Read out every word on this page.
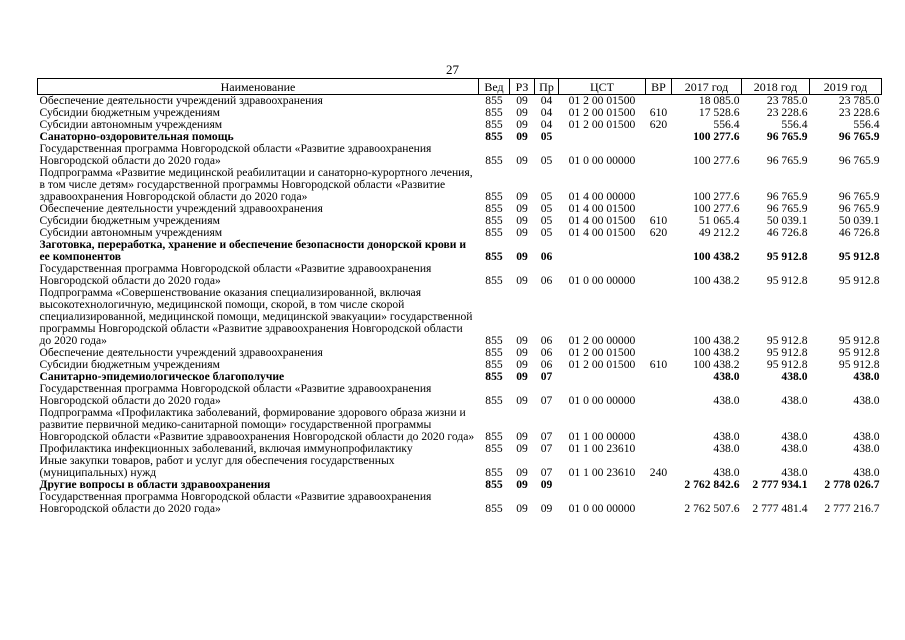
27
Наименование	Вед	РЗ	Пр	ЦСТ	ВР	2017 год	2018 год	2019 год
Обеспечение деятельности учреждений здравоохранения	855	09	04	01 2 00 01500		18 085.0	23 785.0	23 785.0
Субсидии бюджетным учреждениям	855	09	04	01 2 00 01500	610	17 528.6	23 228.6	23 228.6
Субсидии автономным учреждениям	855	09	04	01 2 00 01500	620	556.4	556.4	556.4
Санаторно-оздоровительная помощь	855	09	05			100 277.6	96 765.9	96 765.9
Государственная программа Новгородской области «Развитие здравоохранения Новгородской области до 2020 года»	855	09	05	01 0 00 00000		100 277.6	96 765.9	96 765.9
Подпрограмма «Развитие медицинской реабилитации и санаторно-курортного лечения, в том числе детям» государственной программы Новгородской области «Развитие здравоохранения Новгородской области до 2020 года»	855	09	05	01 4 00 00000		100 277.6	96 765.9	96 765.9
Обеспечение деятельности учреждений здравоохранения	855	09	05	01 4 00 01500		100 277.6	96 765.9	96 765.9
Субсидии бюджетным учреждениям	855	09	05	01 4 00 01500	610	51 065.4	50 039.1	50 039.1
Субсидии автономным учреждениям	855	09	05	01 4 00 01500	620	49 212.2	46 726.8	46 726.8
Заготовка, переработка, хранение и обеспечение безопасности донорской крови и ее компонентов	855	09	06			100 438.2	95 912.8	95 912.8
Государственная программа Новгородской области «Развитие здравоохранения Новгородской области до 2020 года»	855	09	06	01 0 00 00000		100 438.2	95 912.8	95 912.8
Подпрограмма «Совершенствование оказания специализированной, включая высокотехнологичную, медицинской помощи, скорой, в том числе скорой специализированной, медицинской помощи, медицинской эвакуации» государственной программы Новгородской области «Развитие здравоохранения Новгородской области до 2020 года»	855	09	06	01 2 00 00000		100 438.2	95 912.8	95 912.8
Обеспечение деятельности учреждений здравоохранения	855	09	06	01 2 00 01500		100 438.2	95 912.8	95 912.8
Субсидии бюджетным учреждениям	855	09	06	01 2 00 01500	610	100 438.2	95 912.8	95 912.8
Санитарно-эпидемиологическое благополучие	855	09	07			438.0	438.0	438.0
Государственная программа Новгородской области «Развитие здравоохранения Новгородской области до 2020 года»	855	09	07	01 0 00 00000		438.0	438.0	438.0
Подпрограмма «Профилактика заболеваний, формирование здорового образа жизни и развитие первичной медико-санитарной помощи» государственной программы Новгородской области «Развитие здравоохранения Новгородской области до 2020 года»	855	09	07	01 1 00 00000		438.0	438.0	438.0
Профилактика инфекционных заболеваний, включая иммунопрофилактику	855	09	07	01 1 00 23610		438.0	438.0	438.0
Иные закупки товаров, работ и услуг для обеспечения государственных (муниципальных) нужд	855	09	07	01 1 00 23610	240	438.0	438.0	438.0
Другие вопросы в области здравоохранения	855	09	09			2 762 842.6	2 777 934.1	2 778 026.7
Государственная программа Новгородской области «Развитие здравоохранения Новгородской области до 2020 года»	855	09	09	01 0 00 00000		2 762 507.6	2 777 481.4	2 777 216.7
